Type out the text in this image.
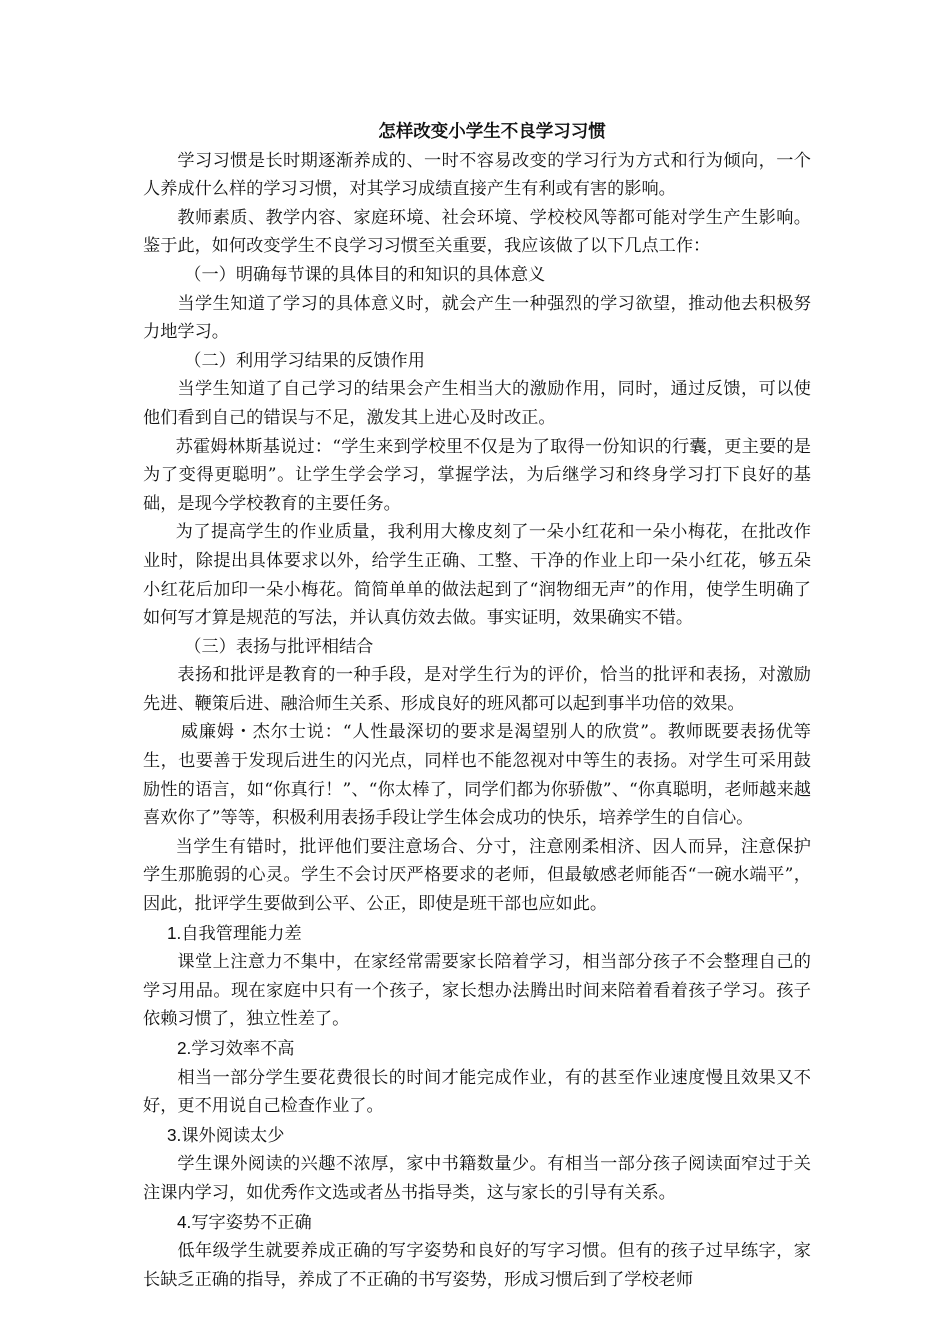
怎样改变小学生不良学习习惯

学习习惯是长时期逐渐养成的、一时不容易改变的学习行为方式和行为倾向，一个人养成什么样的学习习惯，对其学习成绩直接产生有利或有害的影响。

教师素质、教学内容、家庭环境、社会环境、学校校风等都可能对学生产生影响。鉴于此，如何改变学生不良学习习惯至关重要，我应该做了以下几点工作：

（一）明确每节课的具体目的和知识的具体意义

当学生知道了学习的具体意义时，就会产生一种强烈的学习欲望，推动他去积极努力地学习。

（二）利用学习结果的反馈作用

当学生知道了自己学习的结果会产生相当大的激励作用，同时，通过反馈，可以使他们看到自己的错误与不足，激发其上进心及时改正。

苏霍姆林斯基说过：“学生来到学校里不仅是为了取得一份知识的行囊，更主要的是为了变得更聪明”。让学生学会学习，掌握学法，为后继学习和终身学习打下良好的基础，是现今学校教育的主要任务。

为了提高学生的作业质量，我利用大橡皮刻了一朵小红花和一朵小梅花，在批改作业时，除提出具体要求以外，给学生正确、工整、干净的作业上印一朵小红花，够五朵小红花后加印一朵小梅花。简简单单的做法起到了“润物细无声”的作用，使学生明确了如何写才算是规范的写法，并认真仿效去做。事实证明，效果确实不错。

（三）表扬与批评相结合

表扬和批评是教育的一种手段，是对学生行为的评价，恰当的批评和表扬，对激励先进、鞭策后进、融洽师生关系、形成良好的班风都可以起到事半功倍的效果。

威廉姆・杰尔士说：“人性最深切的要求是渴望别人的欣赏”。教师既要表扬优等生，也要善于发现后进生的闪光点，同样也不能忽视对中等生的表扬。对学生可采用鼓励性的语言，如“你真行！”、“你太棒了，同学们都为你骄傲”、“你真聪明，老师越来越喜欢你了”等等，积极利用表扬手段让学生体会成功的快乐，培养学生的自信心。

当学生有错时，批评他们要注意场合、分寸，注意刚柔相济、因人而异，注意保护学生那脆弱的心灵。学生不会讨厌严格要求的老师，但最敏感老师能否“一碗水端平”，因此，批评学生要做到公平、公正，即使是班干部也应如此。

1.自我管理能力差

课堂上注意力不集中，在家经常需要家长陪着学习，相当部分孩子不会整理自己的学习用品。现在家庭中只有一个孩子，家长想办法腾出时间来陪着看着孩子学习。孩子依赖习惯了，独立性差了。

2.学习效率不高

相当一部分学生要花费很长的时间才能完成作业，有的甚至作业速度慢且效果又不好，更不用说自己检查作业了。

3.课外阅读太少

学生课外阅读的兴趣不浓厚，家中书籍数量少。有相当一部分孩子阅读面窄过于关注课内学习，如优秀作文选或者丛书指导类，这与家长的引导有关系。

4.写字姿势不正确

低年级学生就要养成正确的写字姿势和良好的写字习惯。但有的孩子过早练字，家长缺乏正确的指导，养成了不正确的书写姿势，形成习惯后到了学校老师
